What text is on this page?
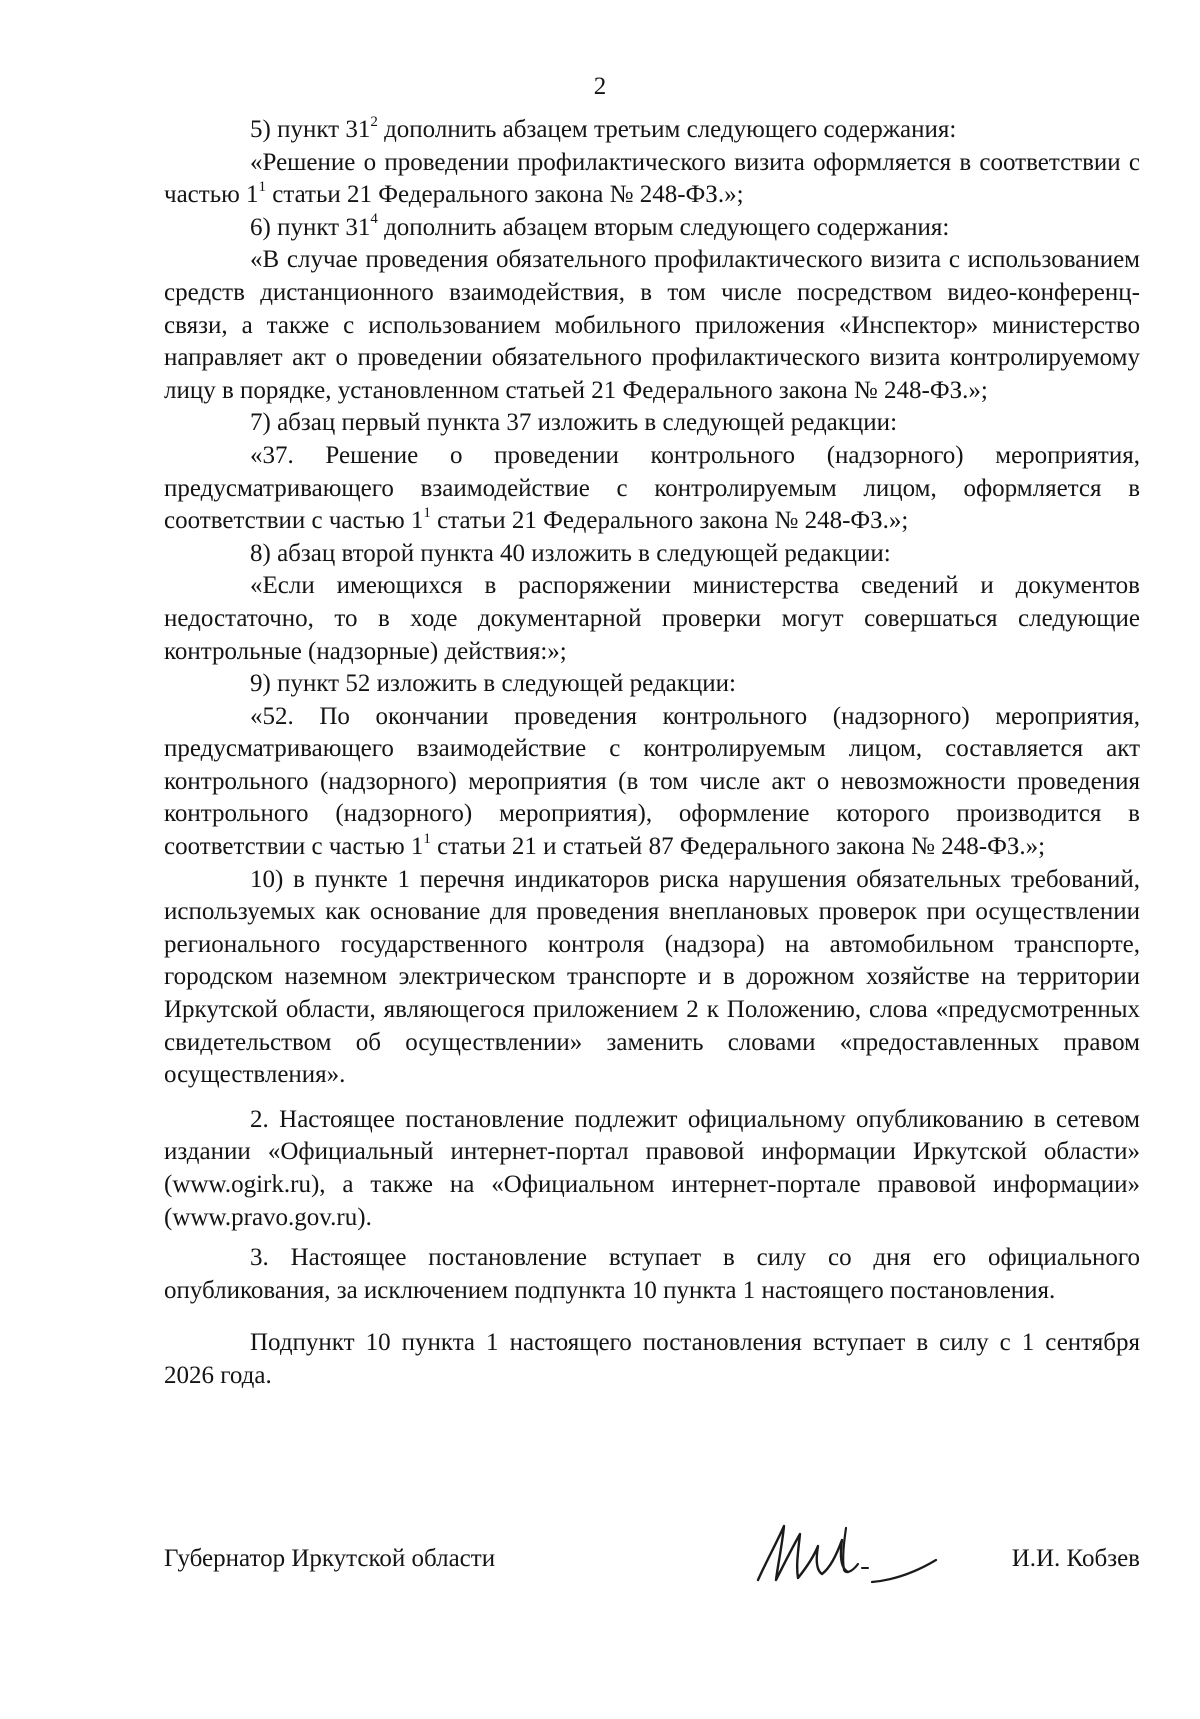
2

5) пункт $31^2$ дополнить абзацем третьим следующего содержания:

«Решение о проведении профилактического визита оформляется в соответствии с частью $1^1$ статьи 21 Федерального закона № 248-ФЗ.»;

6) пункт $31^4$ дополнить абзацем вторым следующего содержания:

«В случае проведения обязательного профилактического визита с использованием средств дистанционного взаимодействия, в том числе посредством видео-конференц-связи, а также с использованием мобильного приложения «Инспектор» министерство направляет акт о проведении обязательного профилактического визита контролируемому лицу в порядке, установленном статьей 21 Федерального закона № 248-ФЗ.»;

7) абзац первый пункта 37 изложить в следующей редакции:

«37. Решение о проведении контрольного (надзорного) мероприятия, предусматривающего взаимодействие с контролируемым лицом, оформляется в соответствии с частью $1^1$ статьи 21 Федерального закона № 248-ФЗ.»;

8) абзац второй пункта 40 изложить в следующей редакции:

«Если имеющихся в распоряжении министерства сведений и документов недостаточно, то в ходе документарной проверки могут совершаться следующие контрольные (надзорные) действия:»;

9) пункт 52 изложить в следующей редакции:

«52. По окончании проведения контрольного (надзорного) мероприятия, предусматривающего взаимодействие с контролируемым лицом, составляется акт контрольного (надзорного) мероприятия (в том числе акт о невозможности проведения контрольного (надзорного) мероприятия), оформление которого производится в соответствии с частью $1^1$ статьи 21 и статьей 87 Федерального закона № 248-ФЗ.»;

10) в пункте 1 перечня индикаторов риска нарушения обязательных требований, используемых как основание для проведения внеплановых проверок при осуществлении регионального государственного контроля (надзора) на автомобильном транспорте, городском наземном электрическом транспорте и в дорожном хозяйстве на территории Иркутской области, являющегося приложением 2 к Положению, слова «предусмотренных свидетельством об осуществлении» заменить словами «предоставленных правом осуществления».

2. Настоящее постановление подлежит официальному опубликованию в сетевом издании «Официальный интернет-портал правовой информации Иркутской области» (www.ogirk.ru), а также на «Официальном интернет-портале правовой информации» (www.pravo.gov.ru).

3. Настоящее постановление вступает в силу со дня его официального опубликования, за исключением подпункта 10 пункта 1 настоящего постановления.

Подпункт 10 пункта 1 настоящего постановления вступает в силу с 1 сентября 2026 года.

Губернатор Иркутской области	И.И. Кобзев
